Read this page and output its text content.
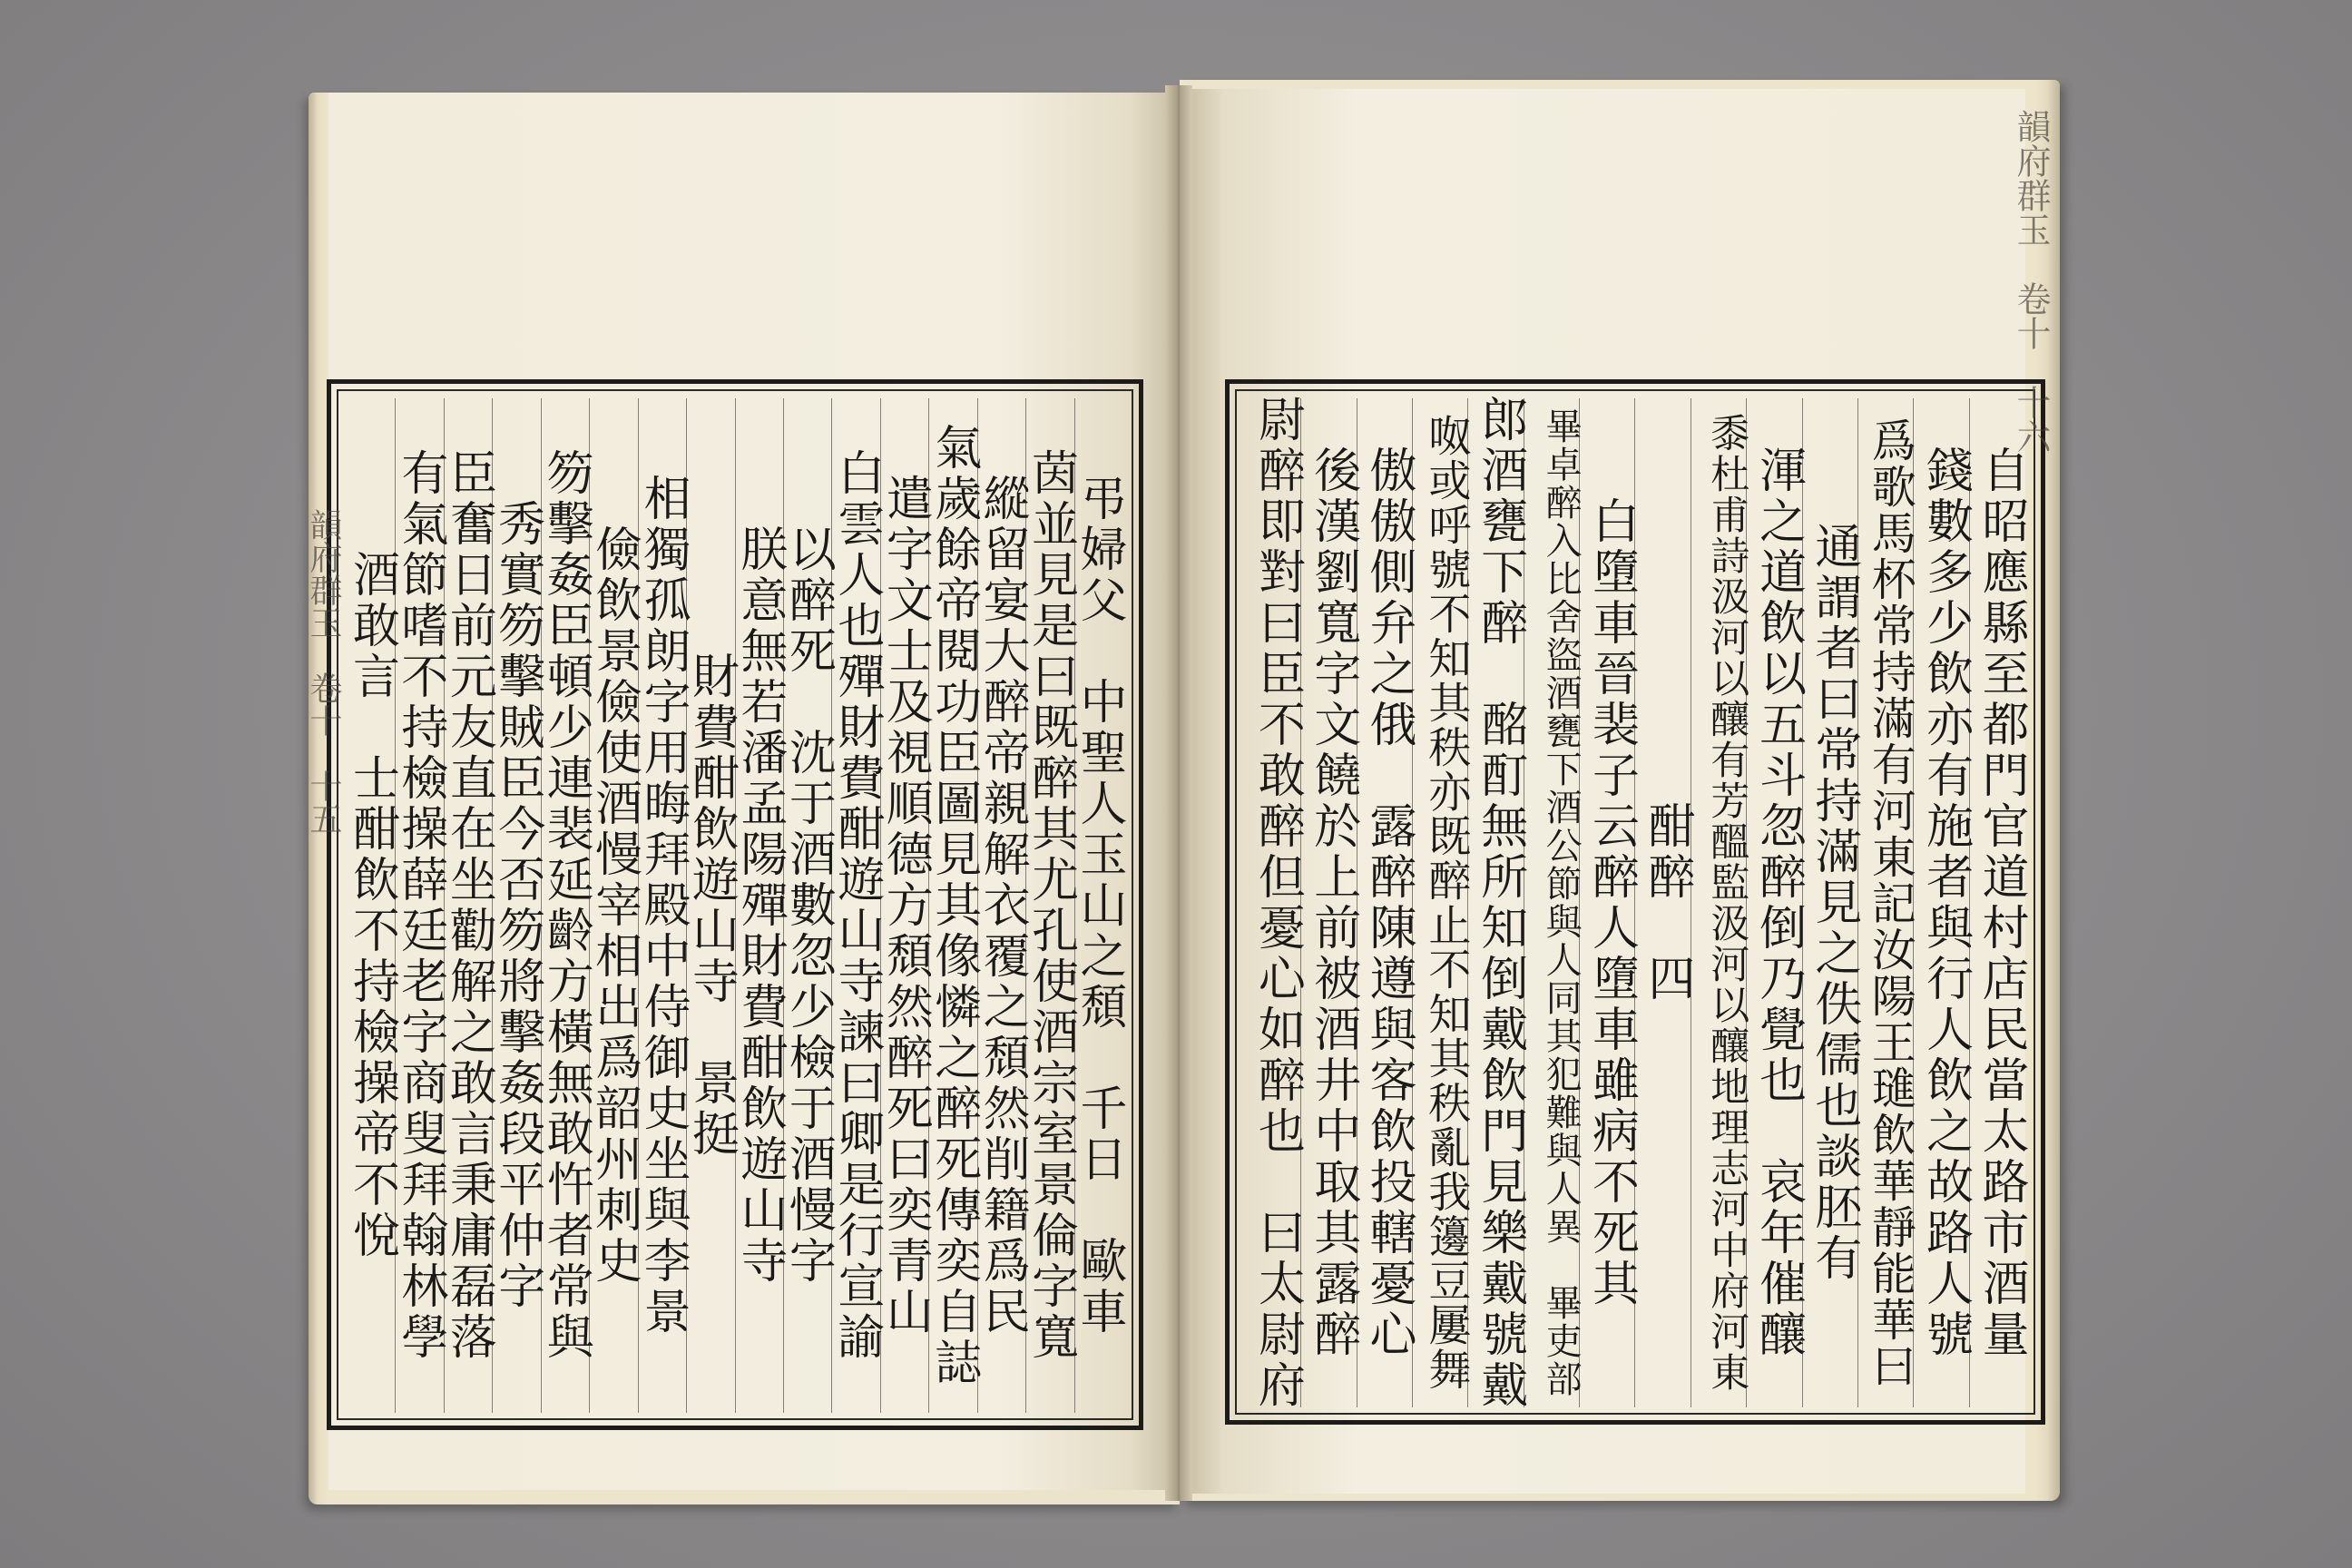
弔婦父　中聖人玉山之頹　千日　歐車
茵並見是曰既醉其尤孔使酒宗室景倫字寬
縱留宴大醉帝親解衣覆之頹然削籍爲民
氣歲餘帝閱功臣圖見其像憐之醉死傳奕自誌
遣字文士及視順德方頹然醉死曰奕青山
白雲人也殫財費酣遊山寺諫曰卿是行宣諭
以醉死　沈于酒數忽少檢于酒慢字
朕意無若潘孟陽殫財費酣飲遊山寺
財費酣飲遊山寺　景挺
相獨孤朗字用晦拜殿中侍御史坐與李景
儉飲景儉使酒慢宰相出爲韶州刺史
笏擊姦臣頓少連裴延齡方橫無敢忤者常與
秀實笏擊賊臣今否笏將擊姦段平仲字
臣奮日前元友直在坐勸解之敢言秉庸磊落
有氣節嗜不持檢操薛廷老字商叟拜翰林學
酒敢言　士酣飲不持檢操帝不悅	自昭應縣至都門官道村店民當太路市酒量
錢數多少飲亦有施者與行人飲之故路人號
爲歌馬杯常持滿有河東記汝陽王璡飲華靜能華曰
通謂者曰常持滿見之佚儒也談胚有
渾之道飲以五斗忽醉倒乃覺也　哀年催釀
黍杜甫詩汲河以釀有芳醞監汲河以釀地理志河中府河東
酣醉　四
白墮車晉裴子云醉人墮車雖病不死其
畢卓醉入比舍盜酒甕下酒公節與人同其犯難與人異　畢吏部
郎酒甕下醉　酩酊無所知倒戴飲門見樂戴號戴
呶或呼號不知其秩亦既醉止不知其秩亂我籩豆屢舞
傲傲側弁之俄　露醉陳遵與客飲投轄憂心
後漢劉寬字文饒於上前被酒井中取其露醉
尉醉即對曰臣不敢醉但憂心如醉也　曰太尉府
韻府群玉　卷十　十五
韻府群玉　卷十　十六
